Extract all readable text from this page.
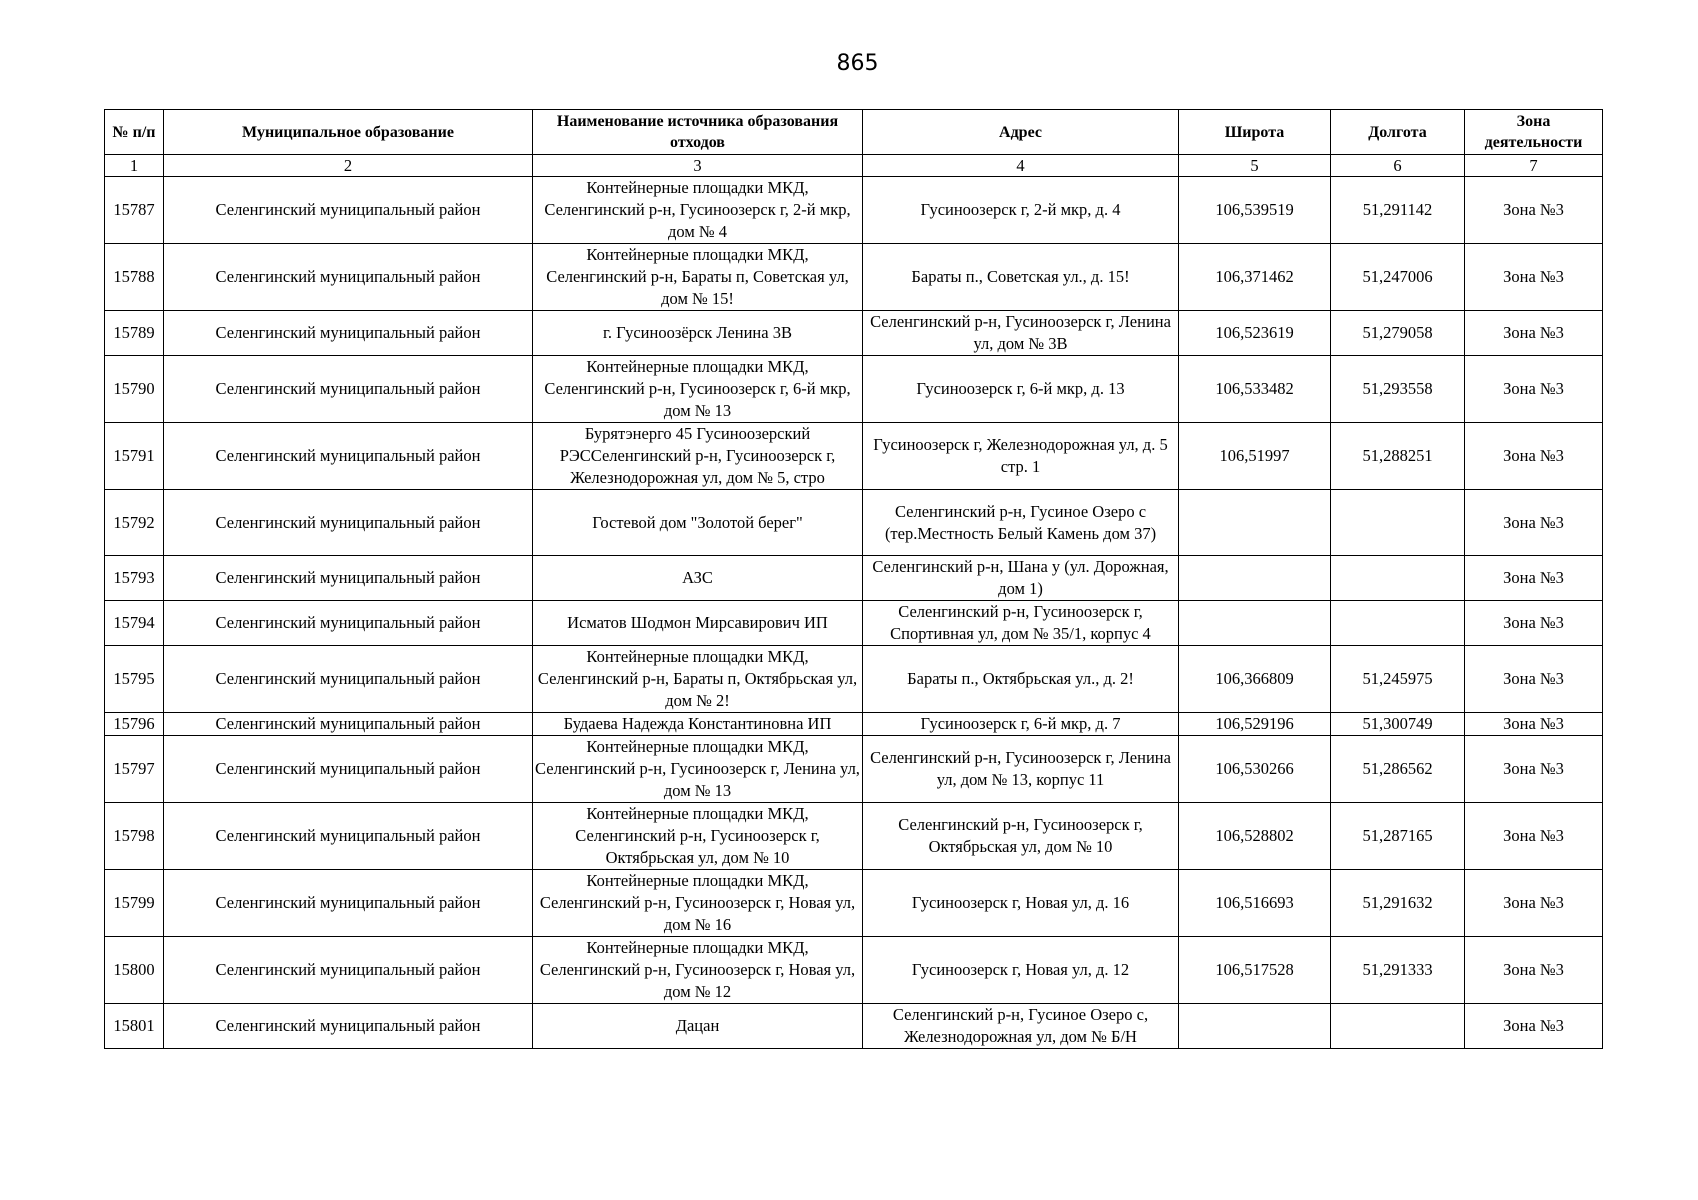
865
№ п/п	Муниципальное образование	Наименование источника образования отходов	Адрес	Широта	Долгота	Зона деятельности
1	2	3	4	5	6	7
15787	Селенгинский муниципальный район	Контейнерные площадки МКД, Селенгинский р-н, Гусиноозерск г, 2-й мкр, дом № 4	Гусиноозерск г, 2-й мкр, д. 4	106,539519	51,291142	Зона №3
15788	Селенгинский муниципальный район	Контейнерные площадки МКД, Селенгинский р-н, Бараты п, Советская ул, дом № 15!	Бараты п., Советская ул., д. 15!	106,371462	51,247006	Зона №3
15789	Селенгинский муниципальный район	г. Гусиноозёрск Ленина 3В	Селенгинский р-н, Гусиноозерск г, Ленина ул, дом № 3В	106,523619	51,279058	Зона №3
15790	Селенгинский муниципальный район	Контейнерные площадки МКД, Селенгинский р-н, Гусиноозерск г, 6-й мкр, дом № 13	Гусиноозерск г, 6-й мкр, д. 13	106,533482	51,293558	Зона №3
15791	Селенгинский муниципальный район	Бурятэнерго 45 Гусиноозерский РЭССеленгинский р-н, Гусиноозерск г, Железнодорожная ул, дом № 5, стро	Гусиноозерск г, Железнодорожная ул, д. 5 стр. 1	106,51997	51,288251	Зона №3
15792	Селенгинский муниципальный район	Гостевой дом "Золотой берег"	Селенгинский р-н, Гусиное Озеро с (тер.Местность Белый Камень дом 37)			Зона №3
15793	Селенгинский муниципальный район	АЗС	Селенгинский р-н, Шана у (ул. Дорожная, дом 1)			Зона №3
15794	Селенгинский муниципальный район	Исматов Шодмон Мирсавирович ИП	Селенгинский р-н, Гусиноозерск г, Спортивная ул, дом № 35/1, корпус 4			Зона №3
15795	Селенгинский муниципальный район	Контейнерные площадки МКД, Селенгинский р-н, Бараты п, Октябрьская ул, дом № 2!	Бараты п., Октябрьская ул., д. 2!	106,366809	51,245975	Зона №3
15796	Селенгинский муниципальный район	Будаева Надежда Константиновна ИП	Гусиноозерск г, 6-й мкр, д. 7	106,529196	51,300749	Зона №3
15797	Селенгинский муниципальный район	Контейнерные площадки МКД, Селенгинский р-н, Гусиноозерск г, Ленина ул, дом № 13	Селенгинский р-н, Гусиноозерск г, Ленина ул, дом № 13, корпус 11	106,530266	51,286562	Зона №3
15798	Селенгинский муниципальный район	Контейнерные площадки МКД, Селенгинский р-н, Гусиноозерск г, Октябрьская ул, дом № 10	Селенгинский р-н, Гусиноозерск г, Октябрьская ул, дом № 10	106,528802	51,287165	Зона №3
15799	Селенгинский муниципальный район	Контейнерные площадки МКД, Селенгинский р-н, Гусиноозерск г, Новая ул, дом № 16	Гусиноозерск г, Новая ул, д. 16	106,516693	51,291632	Зона №3
15800	Селенгинский муниципальный район	Контейнерные площадки МКД, Селенгинский р-н, Гусиноозерск г, Новая ул, дом № 12	Гусиноозерск г, Новая ул, д. 12	106,517528	51,291333	Зона №3
15801	Селенгинский муниципальный район	Дацан	Селенгинский р-н, Гусиное Озеро с, Железнодорожная ул, дом № Б/Н			Зона №3
